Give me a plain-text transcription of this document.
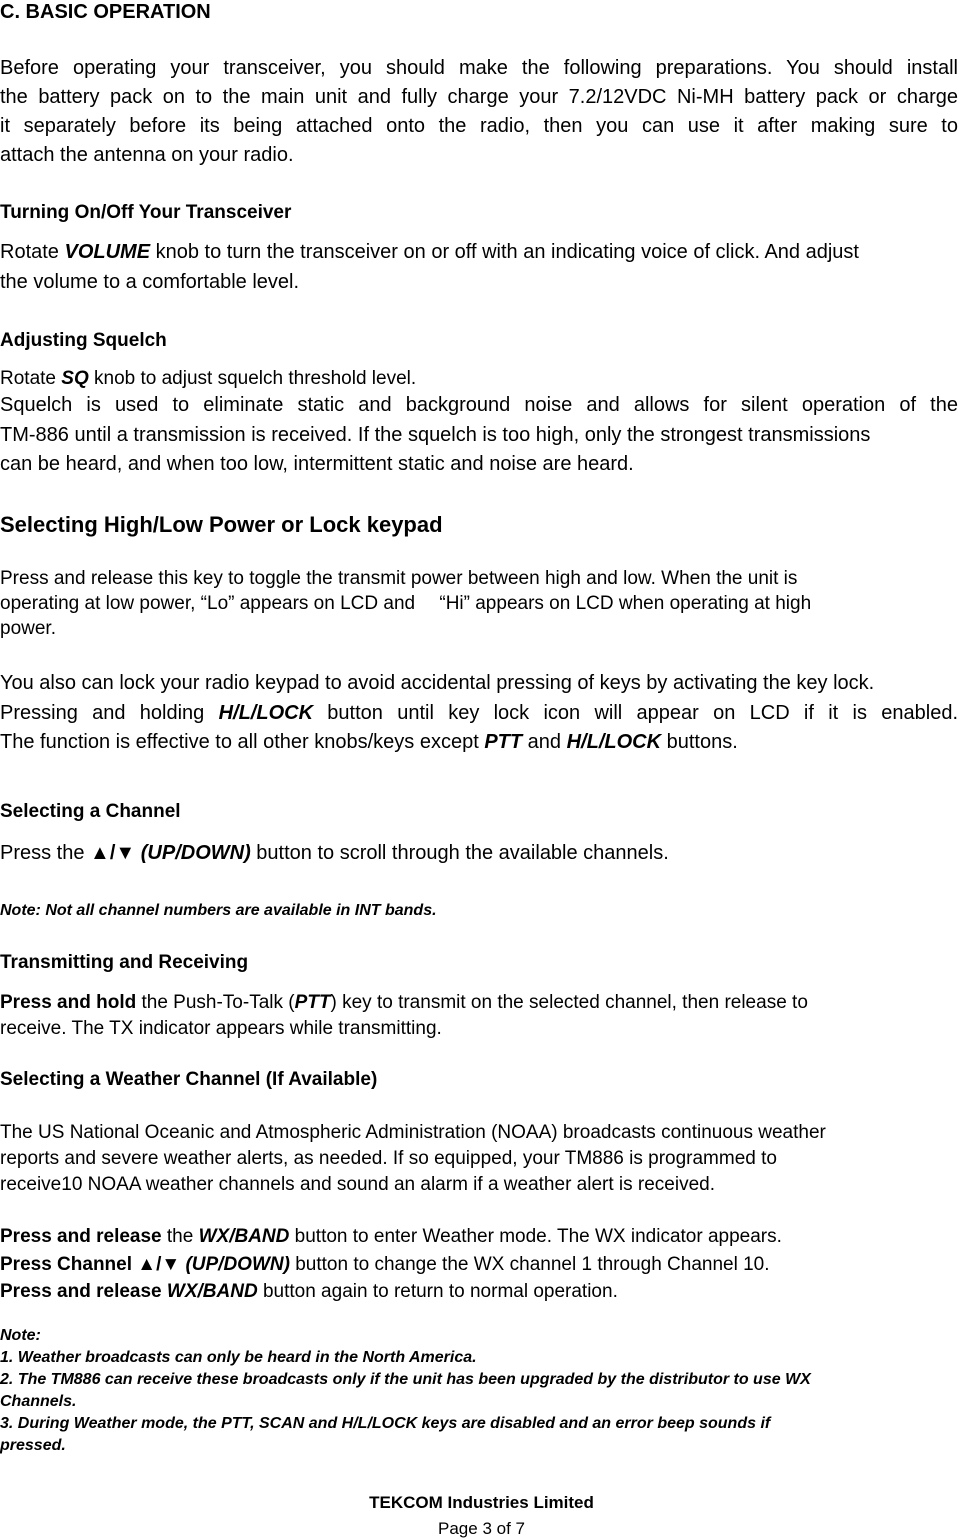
C. BASIC OPERATION
Before operating your transceiver, you should make the following preparations. You should install
the battery pack on to the main unit and fully charge your 7.2/12VDC Ni-MH battery pack or charge
it separately before its being attached onto the radio, then you can use it after making sure to
attach the antenna on your radio.
Turning On/Off Your Transceiver
Rotate VOLUME knob to turn the transceiver on or off with an indicating voice of click. And adjust
the volume to a comfortable level.
Adjusting Squelch
Rotate SQ knob to adjust squelch threshold level.
Squelch is used to eliminate static and background noise and allows for silent operation of the
TM-886 until a transmission is received. If the squelch is too high, only the strongest transmissions
can be heard, and when too low, intermittent static and noise are heard.
Selecting High/Low Power or Lock keypad
Press and release this key to toggle the transmit power between high and low. When the unit is
operating at low power, “Lo” appears on LCD and 　“Hi” appears on LCD when operating at high
power.
You also can lock your radio keypad to avoid accidental pressing of keys by activating the key lock.
Pressing and holding H/L/LOCK button until key lock icon will appear on LCD if it is enabled.
The function is effective to all other knobs/keys except PTT and H/L/LOCK buttons.
Selecting a Channel
Press the ▲/▼ (UP/DOWN) button to scroll through the available channels.
Note: Not all channel numbers are available in INT bands.
Transmitting and Receiving
Press and hold the Push-To-Talk (PTT) key to transmit on the selected channel, then release to
receive. The TX indicator appears while transmitting.
Selecting a Weather Channel (If Available)
The US National Oceanic and Atmospheric Administration (NOAA) broadcasts continuous weather
reports and severe weather alerts, as needed. If so equipped, your TM886 is programmed to
receive10 NOAA weather channels and sound an alarm if a weather alert is received.
Press and release the WX/BAND button to enter Weather mode. The WX indicator appears.
Press Channel ▲/▼ (UP/DOWN) button to change the WX channel 1 through Channel 10.
Press and release WX/BAND button again to return to normal operation.
Note:
1. Weather broadcasts can only be heard in the North America.
2. The TM886 can receive these broadcasts only if the unit has been upgraded by the distributor to use WX
Channels.
3. During Weather mode, the PTT, SCAN and H/L/LOCK keys are disabled and an error beep sounds if
pressed.
TEKCOM Industries Limited
Page 3 of 7
